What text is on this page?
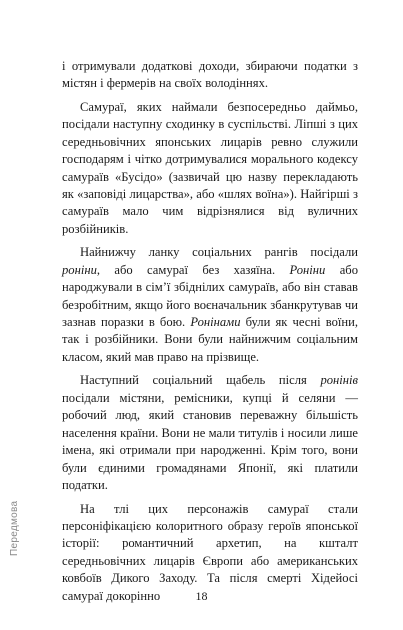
і отримували додаткові доходи, збираючи податки з містян і фермерів на своїх володіннях.

Самураї, яких наймали безпосередньо даймьо, посідали наступну сходинку в суспільстві. Ліпші з цих середньовічних японських лицарів ревно служили господарям і чітко дотримувалися морального кодексу самураїв «Бусідо» (зазвичай цю назву перекладають як «заповіді лицарства», або «шлях воїна»). Найгірші з самураїв мало чим відрізнялися від вуличних розбійників.

Найнижчу ланку соціальних рангів посідали роніни, або самураї без хазяїна. Роніни або народжували в сім’ї збіднілих самураїв, або він ставав безробітним, якщо його воєначальник збанкрутував чи зазнав поразки в бою. Ронінами були як чесні воїни, так і розбійники. Вони були найнижчим соціальним класом, який мав право на прізвище.

Наступний соціальний щабель після ронінів посідали містяни, ремісники, купці й селяни — робочий люд, який становив переважну більшість населення країни. Вони не мали титулів і носили лише імена, які отримали при народженні. Крім того, вони були єдиними громадянами Японії, які платили податки.

На тлі цих персонажів самураї стали персоніфікацією колоритного образу героїв японської історії: романтичний архетип, на кшталт середньовічних лицарів Європи або американських ковбоїв Дикого Заходу. Та після смерті Хідейосі самураї докорінно

Передмова
18
